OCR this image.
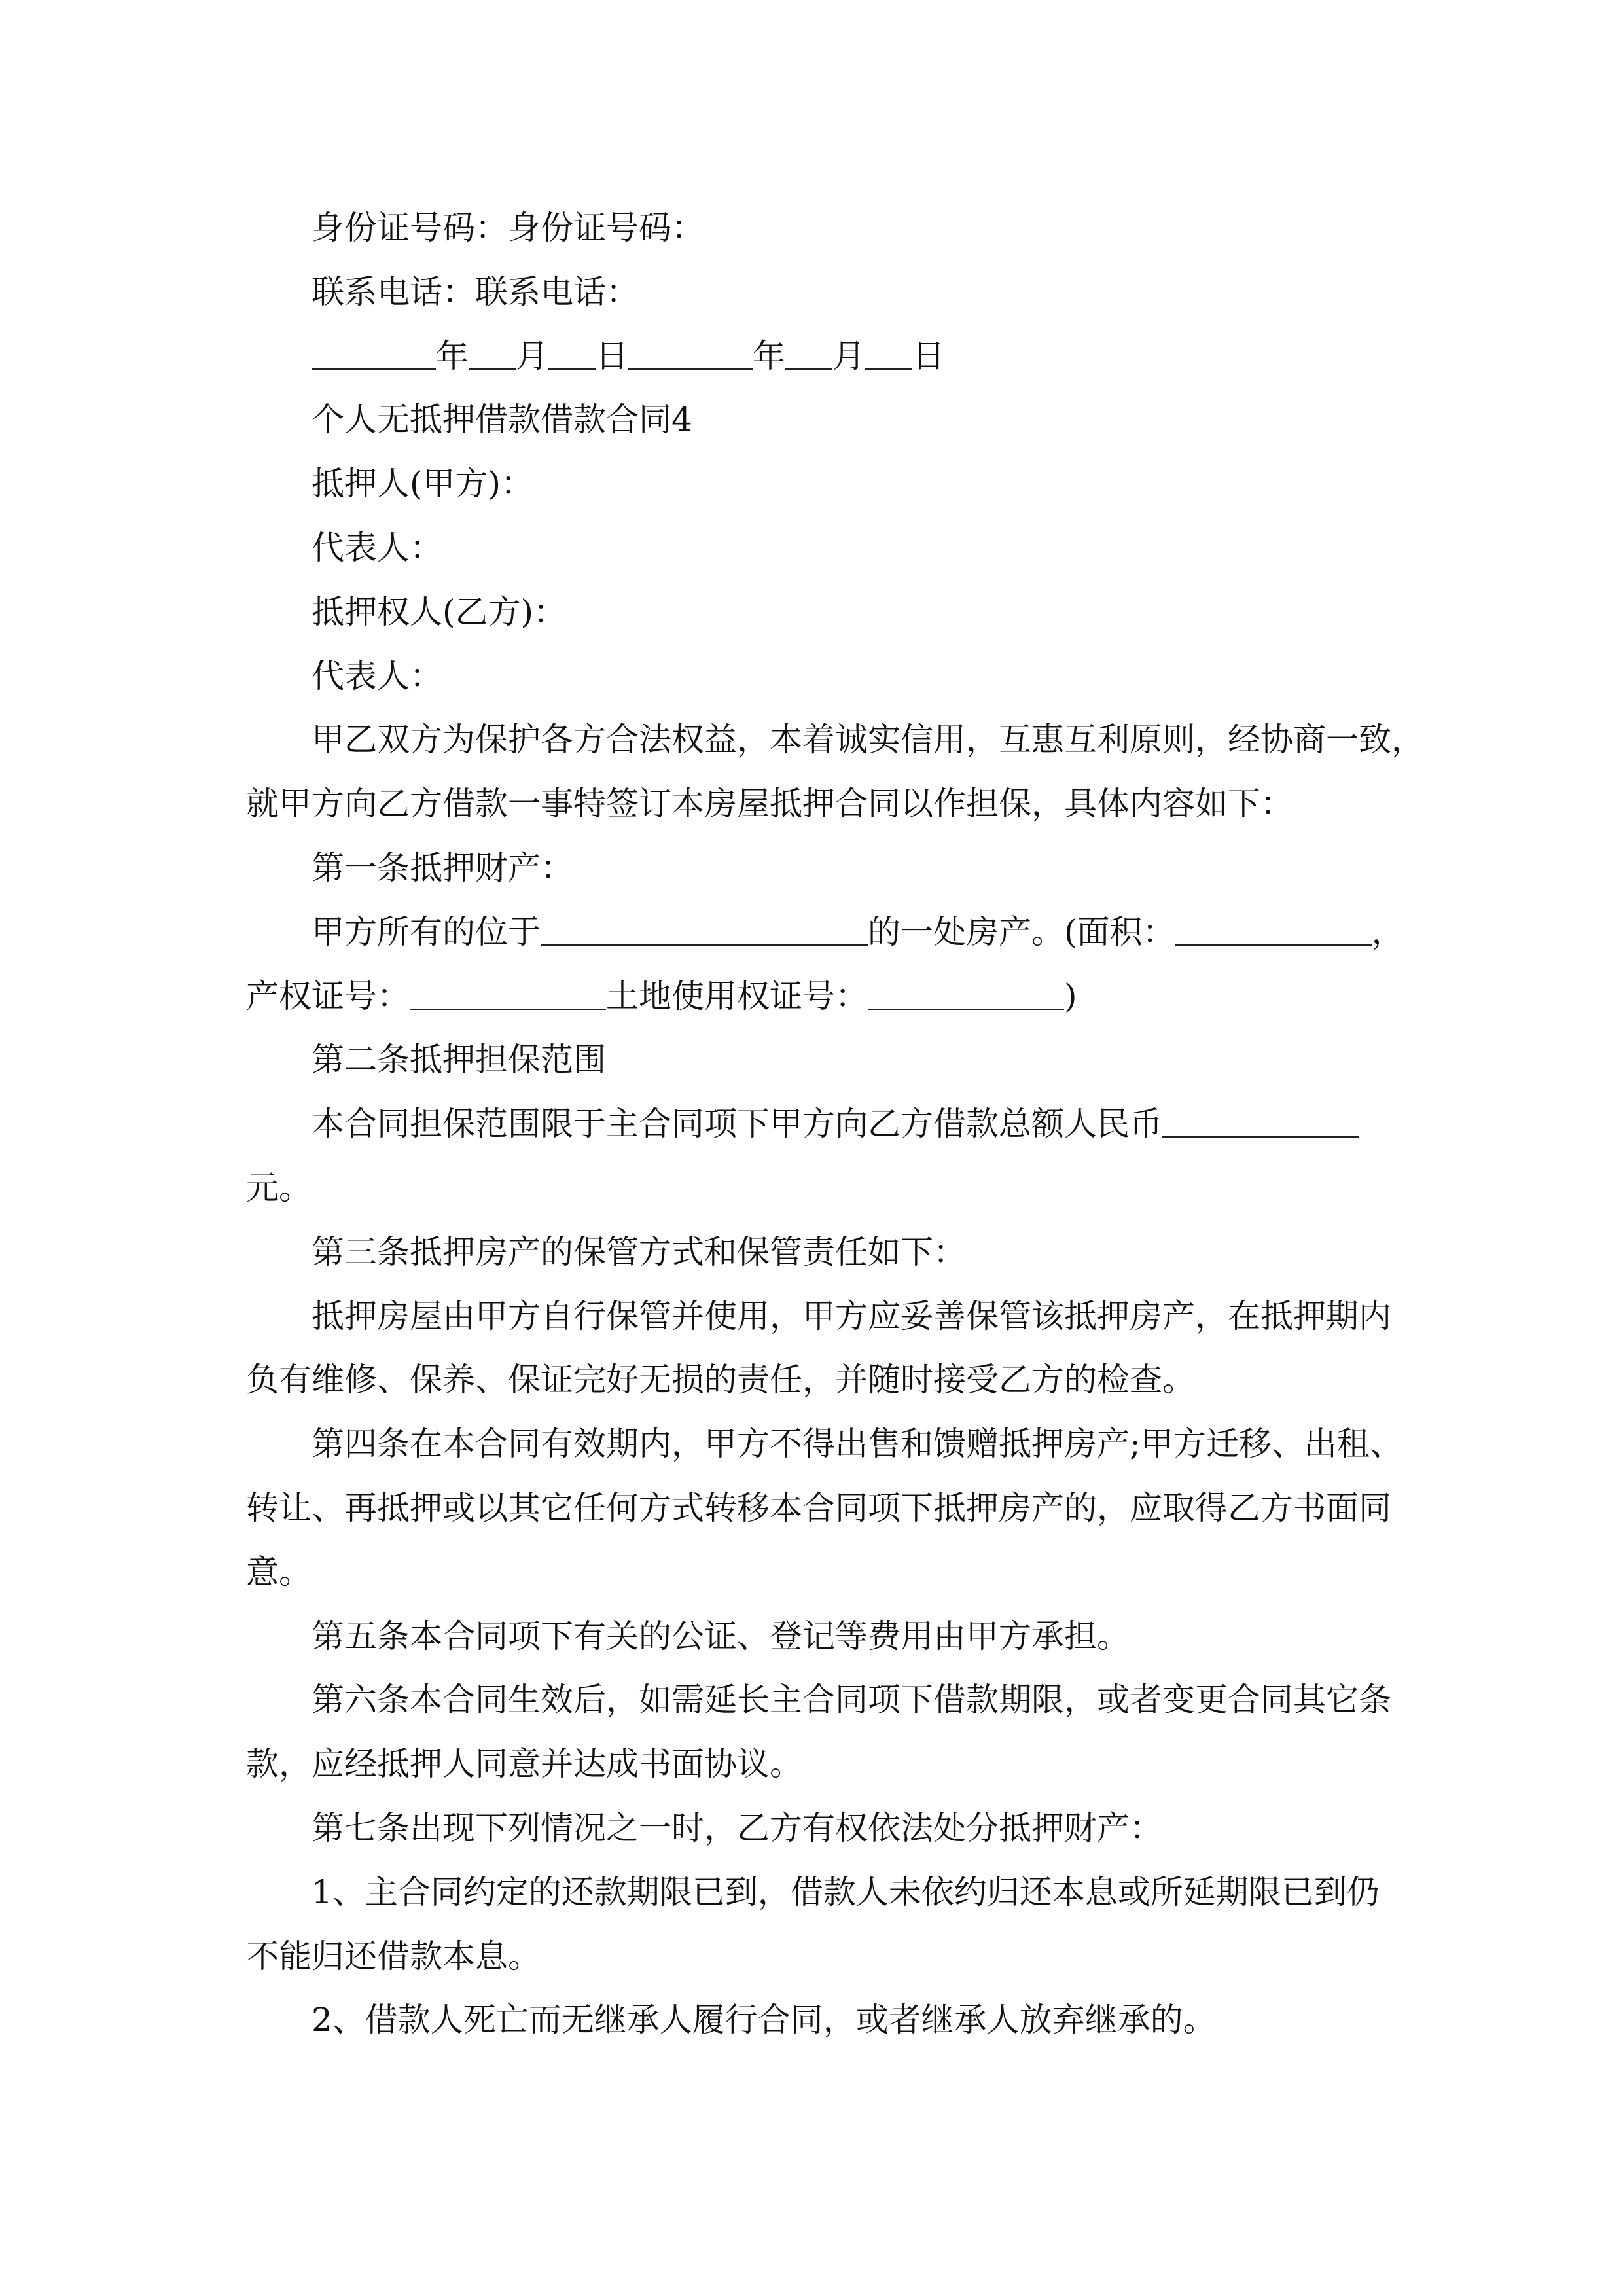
身份证号码：身份证号码：
联系电话：联系电话：
年 月 日	年 月 日
个人无抵押借款借款合同4
抵押人(甲方)：
代表人：
抵押权人(乙方)：
代表人：
甲乙双方为保护各方合法权益，本着诚实信用，互惠互利原则，经协商一致，
就甲方向乙方借款一事特签订本房屋抵押合同以作担保，具体内容如下：
第一条抵押财产：
甲方所有的位于	的一处房产。(面积：	，
产权证号：	土地使用权证号：	)
第二条抵押担保范围
本合同担保范围限于主合同项下甲方向乙方借款总额人民币
元。
第三条抵押房产的保管方式和保管责任如下：
抵押房屋由甲方自行保管并使用，甲方应妥善保管该抵押房产，在抵押期内
负有维修、保养、保证完好无损的责任，并随时接受乙方的检查。
第四条在本合同有效期内，甲方不得出售和馈赠抵押房产;甲方迁移、出租、
转让、再抵押或以其它任何方式转移本合同项下抵押房产的，应取得乙方书面同
意。
第五条本合同项下有关的公证、登记等费用由甲方承担。
第六条本合同生效后，如需延长主合同项下借款期限，或者变更合同其它条
款，应经抵押人同意并达成书面协议。
第七条出现下列情况之一时，乙方有权依法处分抵押财产：
1、主合同约定的还款期限已到，借款人未依约归还本息或所延期限已到仍
不能归还借款本息。
2、借款人死亡而无继承人履行合同，或者继承人放弃继承的。
